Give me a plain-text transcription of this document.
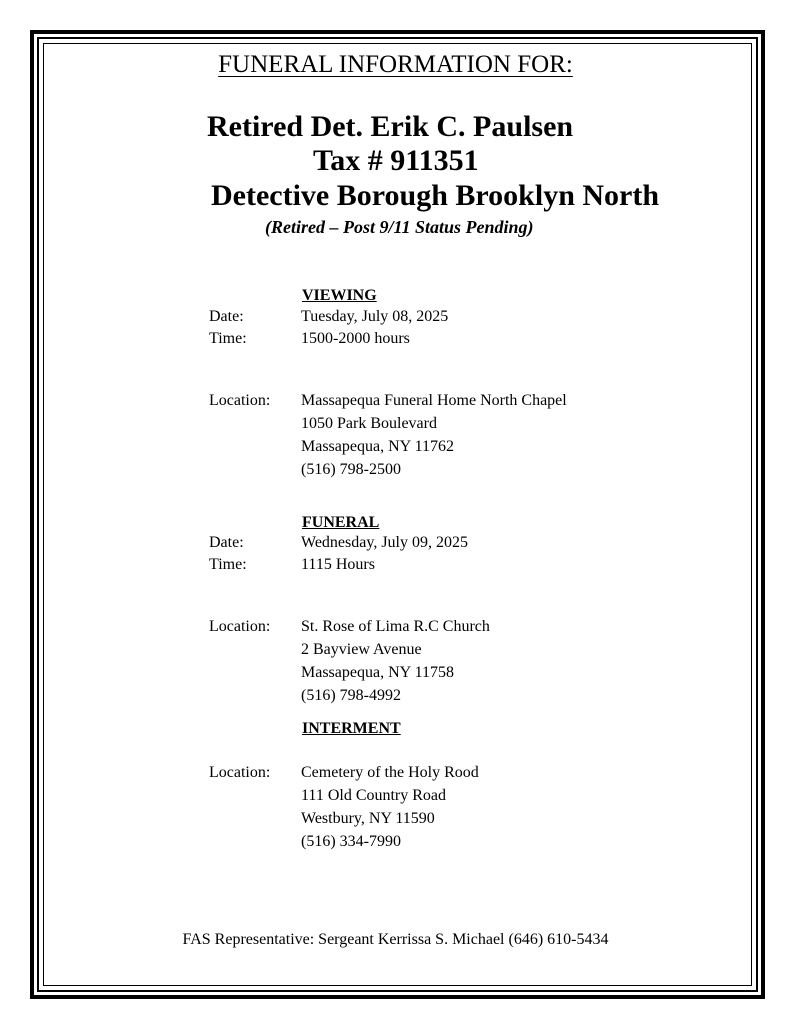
FUNERAL INFORMATION FOR:
Retired Det. Erik C. Paulsen
Tax # 911351
Detective Borough Brooklyn North
(Retired – Post 9/11 Status Pending)
VIEWING
Date:	Tuesday, July 08, 2025
Time:	1500-2000 hours
Location: Massapequa Funeral Home North Chapel
1050 Park Boulevard
Massapequa, NY 11762
(516) 798-2500
FUNERAL
Date:	Wednesday, July 09, 2025
Time:	1115 Hours
Location: St. Rose of Lima R.C Church
2 Bayview Avenue
Massapequa, NY 11758
(516) 798-4992
INTERMENT
Location: Cemetery of the Holy Rood
111 Old Country Road
Westbury, NY 11590
(516) 334-7990
FAS Representative: Sergeant Kerrissa S. Michael (646) 610-5434
